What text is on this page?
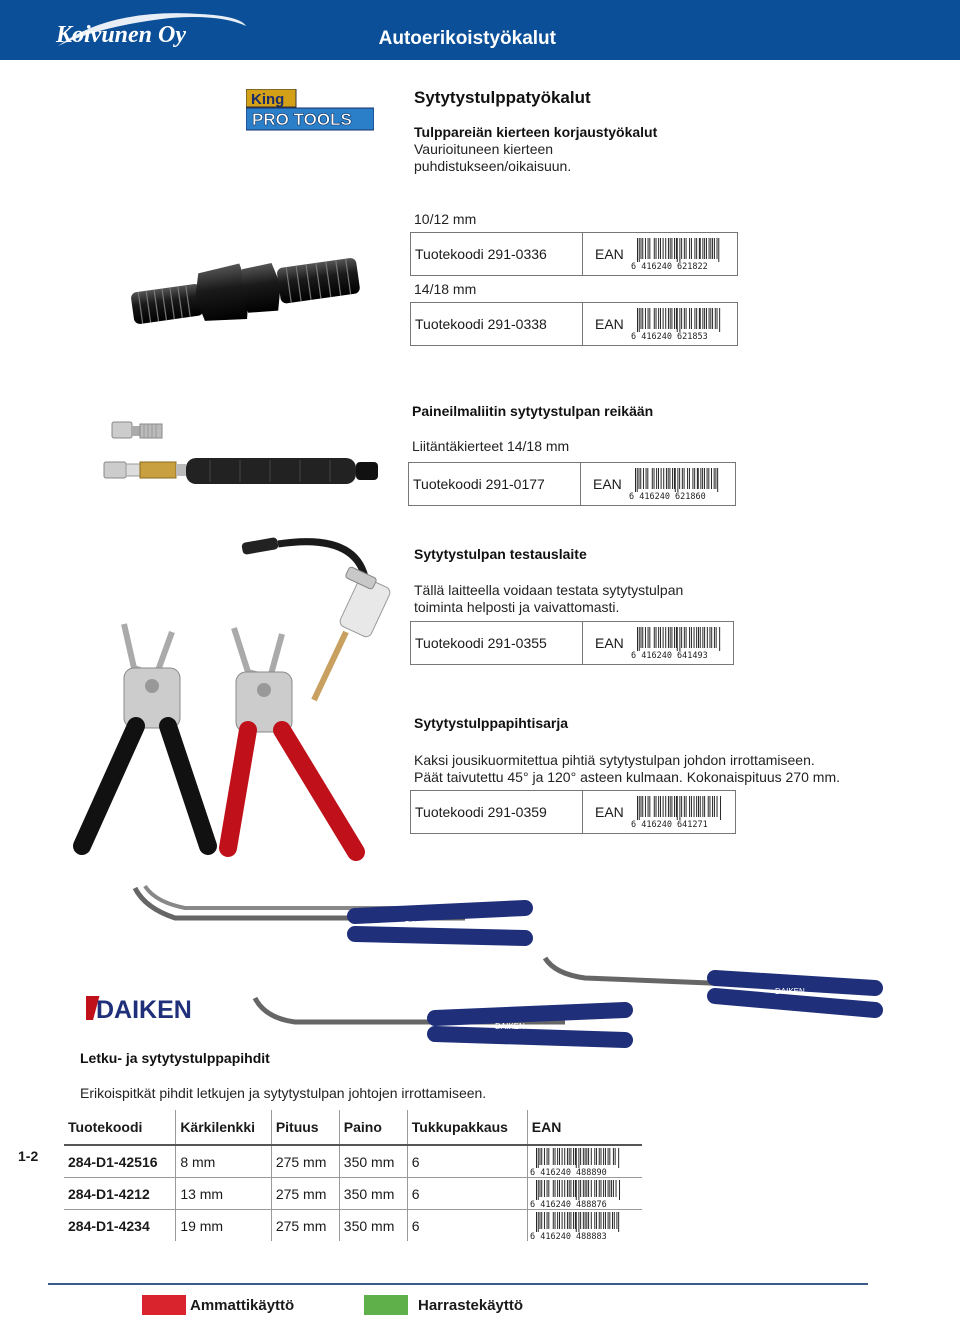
Koivunen Oy	Autoerikoistyökalut
King
PRO TOOLS
Sytytystulppatyökalut
Tulppareiän kierteen korjaustyökalut
Vaurioituneen kierteen
puhdistukseen/oikaisuun.
10/12 mm
Tuotekoodi 291-0336	EAN
6 416240 621822
14/18 mm
Tuotekoodi 291-0338	EAN
6 416240 621853
Paineilmaliitin sytytystulpan reikään
Liitäntäkierteet 14/18 mm
Tuotekoodi 291-0177	EAN
6 416240 621860
Sytytystulpan testauslaite
Tällä laitteella voidaan testata sytytystulpan
toiminta helposti ja vaivattomasti.
Tuotekoodi 291-0355	EAN
6 416240 641493
Sytytystulppapihtisarja
Kaksi jousikuormitettua pihtiä sytytystulpan johdon irrottamiseen.
Päät taivutettu 45° ja 120° asteen kulmaan. Kokonaispituus 270 mm.
Tuotekoodi 291-0359	EAN
6 416240 641271
DAIKEN
DAIKEN
DAIKEN
DAIKEN
Letku- ja sytytystulppapihdit
Erikoispitkät pihdit letkujen ja sytytystulpan johtojen irrottamiseen.
Tuotekoodi	Kärkilenkki	Pituus	Paino	Tukkupakkaus	EAN
284-D1-42516	8 mm	275 mm	350 mm	6	6 416240 488890

284-D1-4212	13 mm	275 mm	350 mm	6	6 416240 488876

284-D1-4234	19 mm	275 mm	350 mm	6	6 416240 488883
1-2
Ammattikäyttö	Harrastekäyttö
